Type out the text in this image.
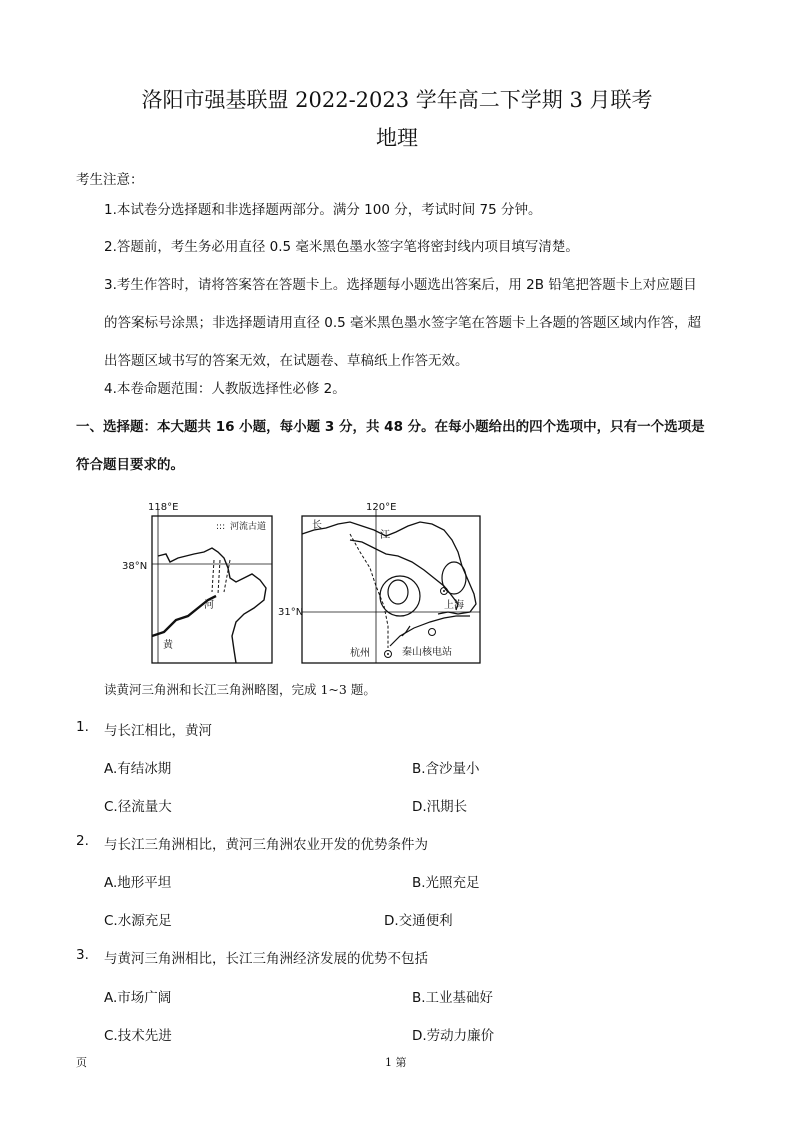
洛阳市强基联盟 2022-2023 学年高二下学期 3 月联考
地理
考生注意：
1.本试卷分选择题和非选择题两部分。满分 100 分，考试时间 75 分钟。
2.答题前，考生务必用直径 0.5 毫米黑色墨水签字笔将密封线内项目填写清楚。
3.考生作答时，请将答案答在答题卡上。选择题每小题选出答案后，用 2B 铅笔把答题卡上对应题目
的答案标号涂黑；非选择题请用直径 0.5 毫米黑色墨水签字笔在答题卡上各题的答题区域内作答，超
出答题区域书写的答案无效，在试题卷、草稿纸上作答无效。
4.本卷命题范围：人教版选择性必修 2。
一、选择题：本大题共 16 小题，每小题 3 分，共 48 分。在每小题给出的四个选项中，只有一个选项是
符合题目要求的。
河
黄
::: 河流古道
118°E
38°N
上海
杭州	秦山核电站
长
江
120°E
31°N
读黄河三角洲和长江三角洲略图，完成 1~3 题。
1. 与长江相比，黄河
A.有结冰期	B.含沙量小
C.径流量大	D.汛期长
2. 与长江三角洲相比，黄河三角洲农业开发的优势条件为
A.地形平坦	B.光照充足
C.水源充足	D.交通便利
3. 与黄河三角洲相比，长江三角洲经济发展的优势不包括
A.市场广阔	B.工业基础好
C.技术先进	D.劳动力廉价
页	1 第
